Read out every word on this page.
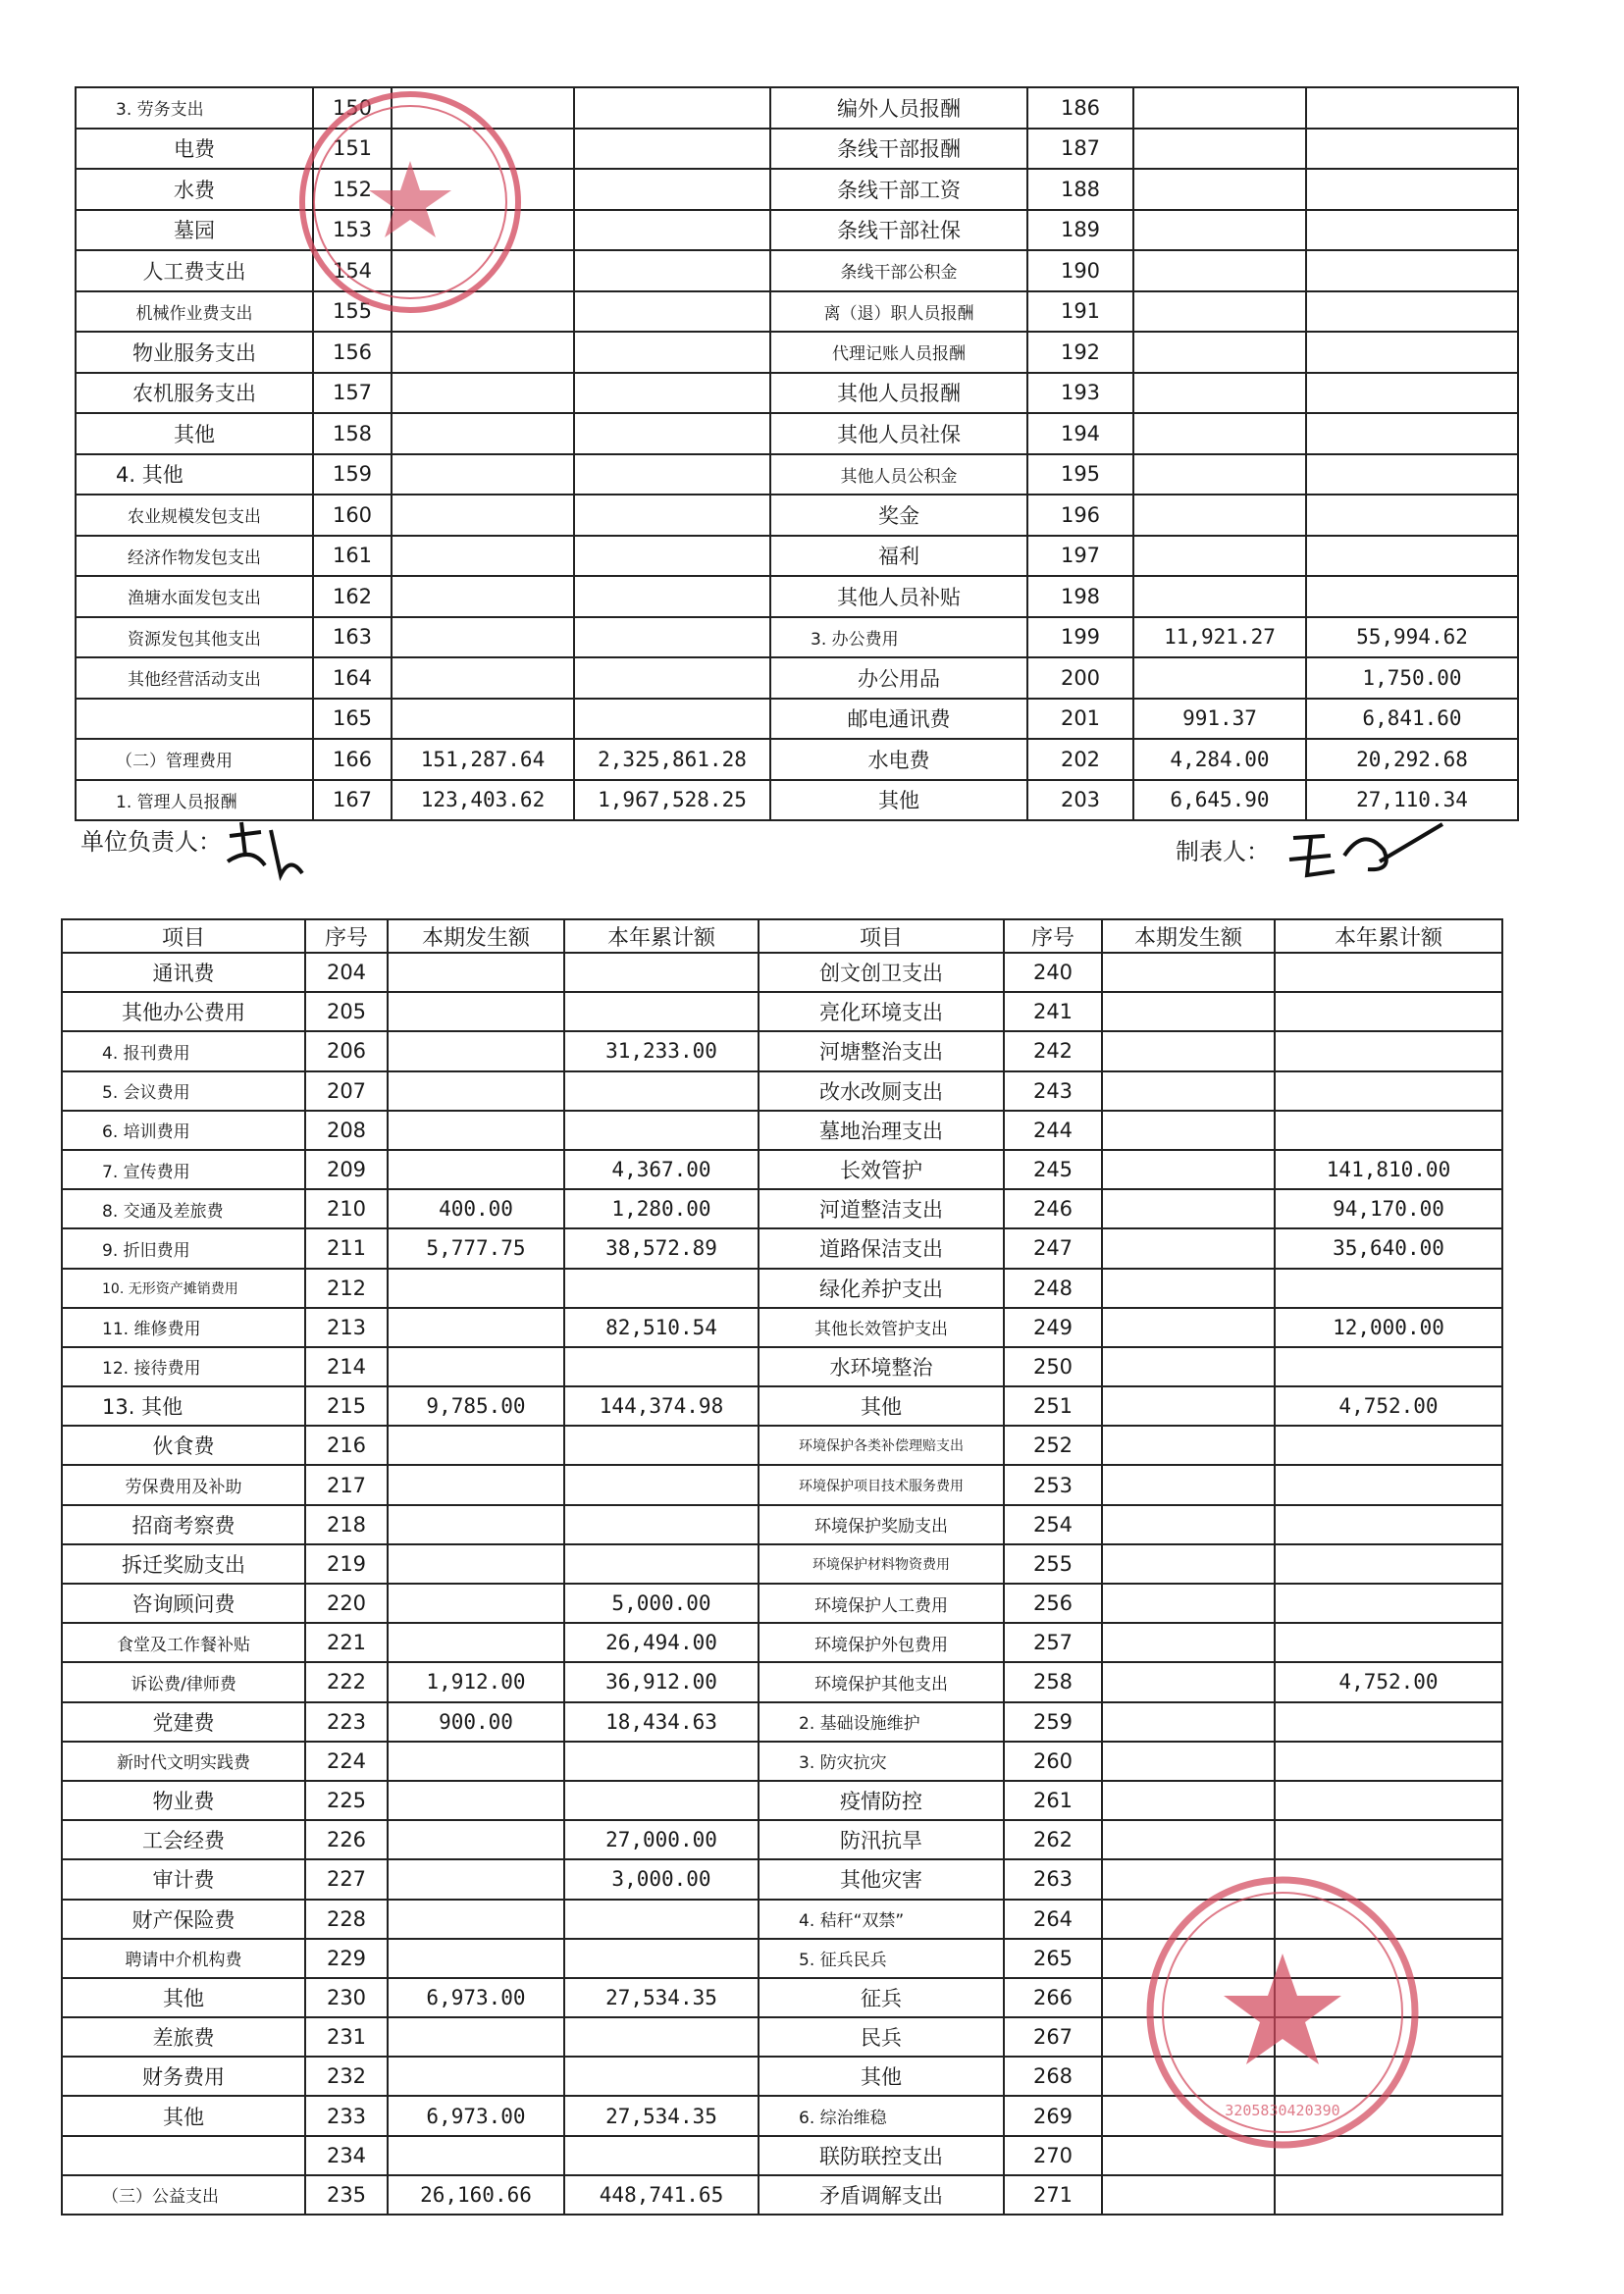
3. 劳务支出	150			编外人员报酬	186		
电费	151			条线干部报酬	187		
水费	152			条线干部工资	188		
墓园	153			条线干部社保	189		
人工费支出	154			条线干部公积金	190		
机械作业费支出	155			离（退）职人员报酬	191		
物业服务支出	156			代理记账人员报酬	192		
农机服务支出	157			其他人员报酬	193		
其他	158			其他人员社保	194		
4. 其他	159			其他人员公积金	195		
农业规模发包支出	160			奖金	196		
经济作物发包支出	161			福利	197		
渔塘水面发包支出	162			其他人员补贴	198		
资源发包其他支出	163			3. 办公费用	199	11,921.27	55,994.62
其他经营活动支出	164			办公用品	200		1,750.00
	165			邮电通讯费	201	991.37	6,841.60
（二）管理费用	166	151,287.64	2,325,861.28	水电费	202	4,284.00	20,292.68
1. 管理人员报酬	167	123,403.62	1,967,528.25	其他	203	6,645.90	27,110.34
单位负责人：	制表人：
项目	序号	本期发生额	本年累计额	项目	序号	本期发生额	本年累计额
通讯费	204			创文创卫支出	240		
其他办公费用	205			亮化环境支出	241		
4. 报刊费用	206		31,233.00	河塘整治支出	242		
5. 会议费用	207			改水改厕支出	243		
6. 培训费用	208			墓地治理支出	244		
7. 宣传费用	209		4,367.00	长效管护	245		141,810.00
8. 交通及差旅费	210	400.00	1,280.00	河道整洁支出	246		94,170.00
9. 折旧费用	211	5,777.75	38,572.89	道路保洁支出	247		35,640.00
10. 无形资产摊销费用	212			绿化养护支出	248		
11. 维修费用	213		82,510.54	其他长效管护支出	249		12,000.00
12. 接待费用	214			水环境整治	250		
13. 其他	215	9,785.00	144,374.98	其他	251		4,752.00
伙食费	216			环境保护各类补偿理赔支出	252		
劳保费用及补助	217			环境保护项目技术服务费用	253		
招商考察费	218			环境保护奖励支出	254		
拆迁奖励支出	219			环境保护材料物资费用	255		
咨询顾问费	220		5,000.00	环境保护人工费用	256		
食堂及工作餐补贴	221		26,494.00	环境保护外包费用	257		
诉讼费/律师费	222	1,912.00	36,912.00	环境保护其他支出	258		4,752.00
党建费	223	900.00	18,434.63	2. 基础设施维护	259		
新时代文明实践费	224			3. 防灾抗灾	260		
物业费	225			疫情防控	261		
工会经费	226		27,000.00	防汛抗旱	262		
审计费	227		3,000.00	其他灾害	263		
财产保险费	228			4. 秸秆“双禁”	264		
聘请中介机构费	229			5. 征兵民兵	265		
其他	230	6,973.00	27,534.35	征兵	266		
差旅费	231			民兵	267		
财务费用	232			其他	268		
其他	233	6,973.00	27,534.35	6. 综治维稳	269		
	234			联防联控支出	270		
（三）公益支出	235	26,160.66	448,741.65	矛盾调解支出	271		
3205830420390
